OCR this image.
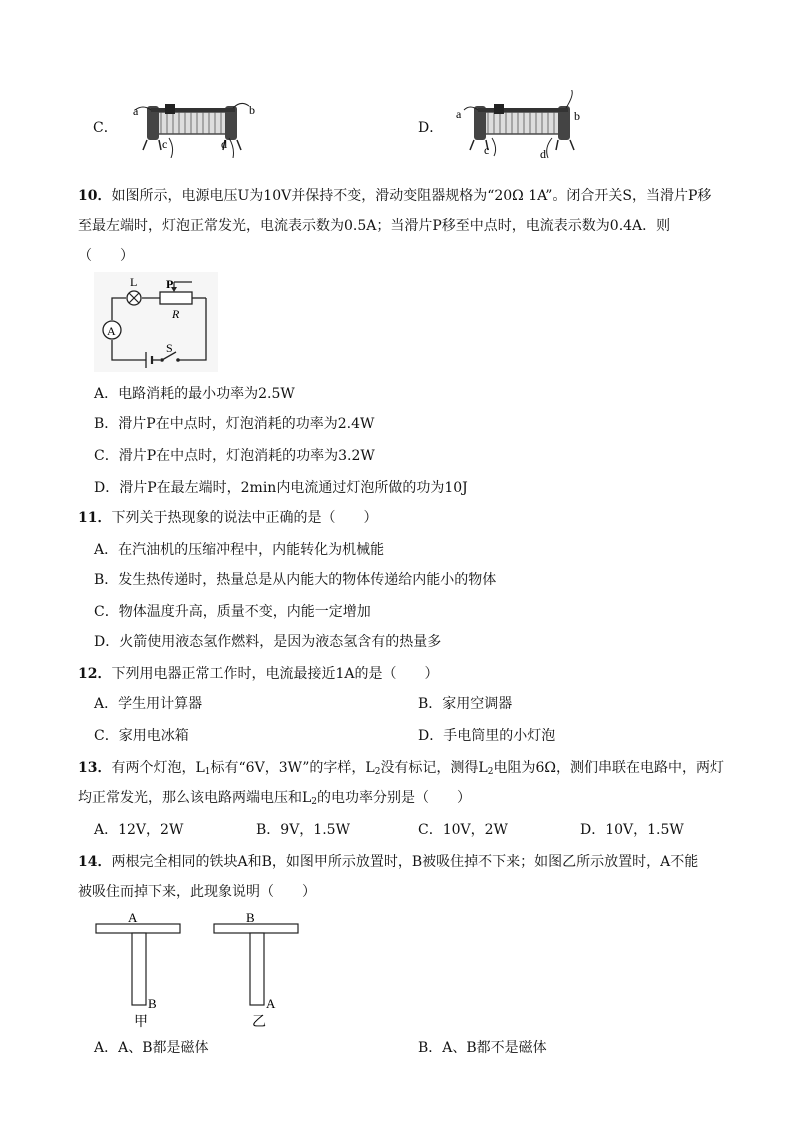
C．
a	b
c	d
D．
a	b
c	d
10．如图所示，电源电压U为10V并保持不变，滑动变阻器规格为“20Ω 1A”。闭合开关S，当滑片P移
至最左端时，灯泡正常发光，电流表示数为0.5A；当滑片P移至中点时，电流表示数为0.4A．则
（　　）
A
L P
R
S
A．电路消耗的最小功率为2.5W
B．滑片P在中点时，灯泡消耗的功率为2.4W
C．滑片P在中点时，灯泡消耗的功率为3.2W
D．滑片P在最左端时，2min内电流通过灯泡所做的功为10J
11．下列关于热现象的说法中正确的是（　　）
A．在汽油机的压缩冲程中，内能转化为机械能
B．发生热传递时，热量总是从内能大的物体传递给内能小的物体
C．物体温度升高，质量不变，内能一定增加
D．火箭使用液态氢作燃料，是因为液态氢含有的热量多
12．下列用电器正常工作时，电流最接近1A的是（　　）
A．学生用计算器	B．家用空调器
C．家用电冰箱	D．手电筒里的小灯泡
13．有两个灯泡，$L_1$标有“6V，3W”的字样，$L_2$没有标记，测得$L_2$电阻为6Ω，测们串联在电路中，两灯
均正常发光，那么该电路两端电压和$L_2$的电功率分别是（　　）
A．12V，2W	B．9V，1.5W	C．10V，2W	D．10V，1.5W
14．两根完全相同的铁块A和B，如图甲所示放置时，B被吸住掉不下来；如图乙所示放置时，A不能
被吸住而掉下来，此现象说明（　　）
A
B
甲
B
A
乙
A．A、B都是磁体	B．A、B都不是磁体
